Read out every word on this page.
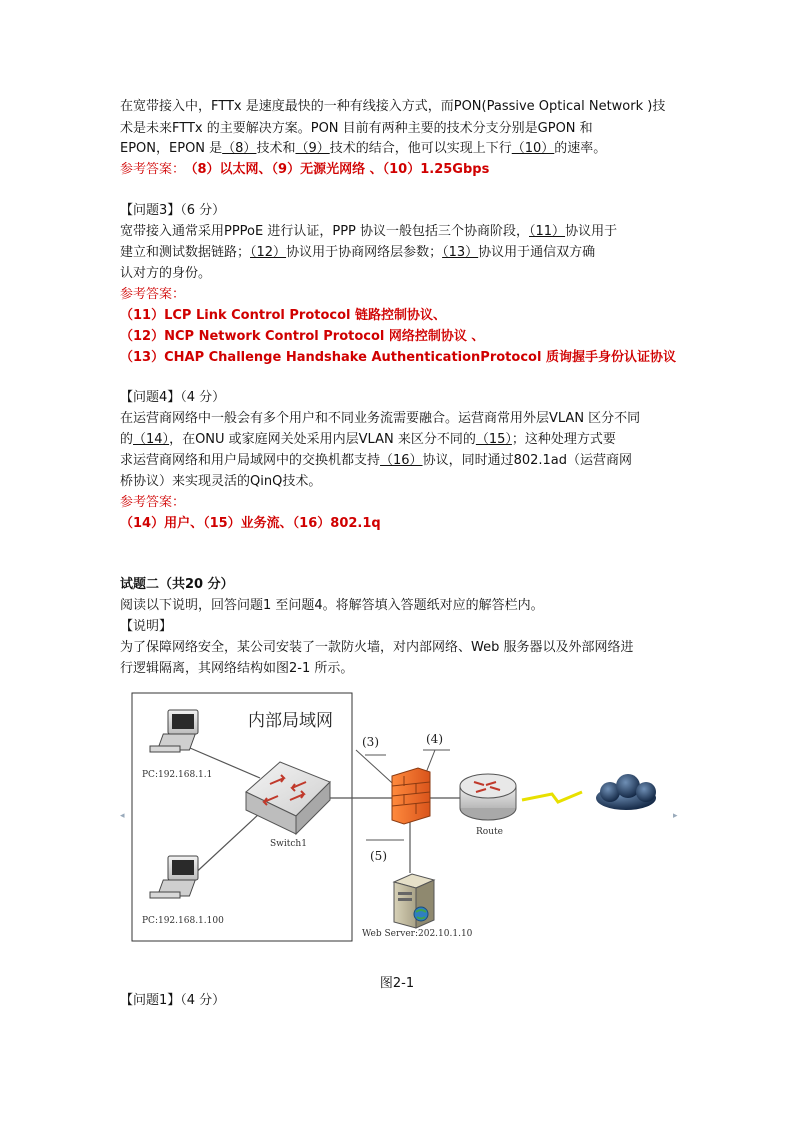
在宽带接入中，FTTx 是速度最快的一种有线接入方式，而PON(Passive Optical Network )技
术是未来FTTx 的主要解决方案。PON 目前有两种主要的技术分支分别是GPON 和
EPON，EPON 是（8）技术和（9）技术的结合，他可以实现上下行（10）的速率。
参考答案： （8）以太网、（9）无源光网络 、（10）1.25Gbps
【问题3】（6 分）
宽带接入通常采用PPPoE 进行认证，PPP 协议一般包括三个协商阶段，（11）协议用于
建立和测试数据链路；（12）协议用于协商网络层参数；（13）协议用于通信双方确
认对方的身份。
参考答案：
（11）LCP Link Control Protocol 链路控制协议、
（12）NCP Network Control Protocol 网络控制协议 、
（13）CHAP Challenge Handshake AuthenticationProtocol 质询握手身份认证协议
【问题4】（4 分）
在运营商网络中一般会有多个用户和不同业务流需要融合。运营商常用外层VLAN 区分不同
的（14），在ONU 或家庭网关处采用内层VLAN 来区分不同的（15）；这种处理方式要
求运营商网络和用户局域网中的交换机都支持（16）协议，同时通过802.1ad（运营商网
桥协议）来实现灵活的QinQ技术。
参考答案：
（14）用户、（15）业务流、（16）802.1q
试题二（共20 分）
阅读以下说明，回答问题1 至问题4。将解答填入答题纸对应的解答栏内。
【说明】
为了保障网络安全，某公司安装了一款防火墙，对内部网络、Web 服务器以及外部网络进
行逻辑隔离，其网络结构如图2-1 所示。
内部局域网
(3)	(4)
(5)
PC:192.168.1.1
PC:192.168.1.100
Switch1
Route
Web Server:202.10.1.10
◂	▸
图2-1
【问题1】（4 分）
